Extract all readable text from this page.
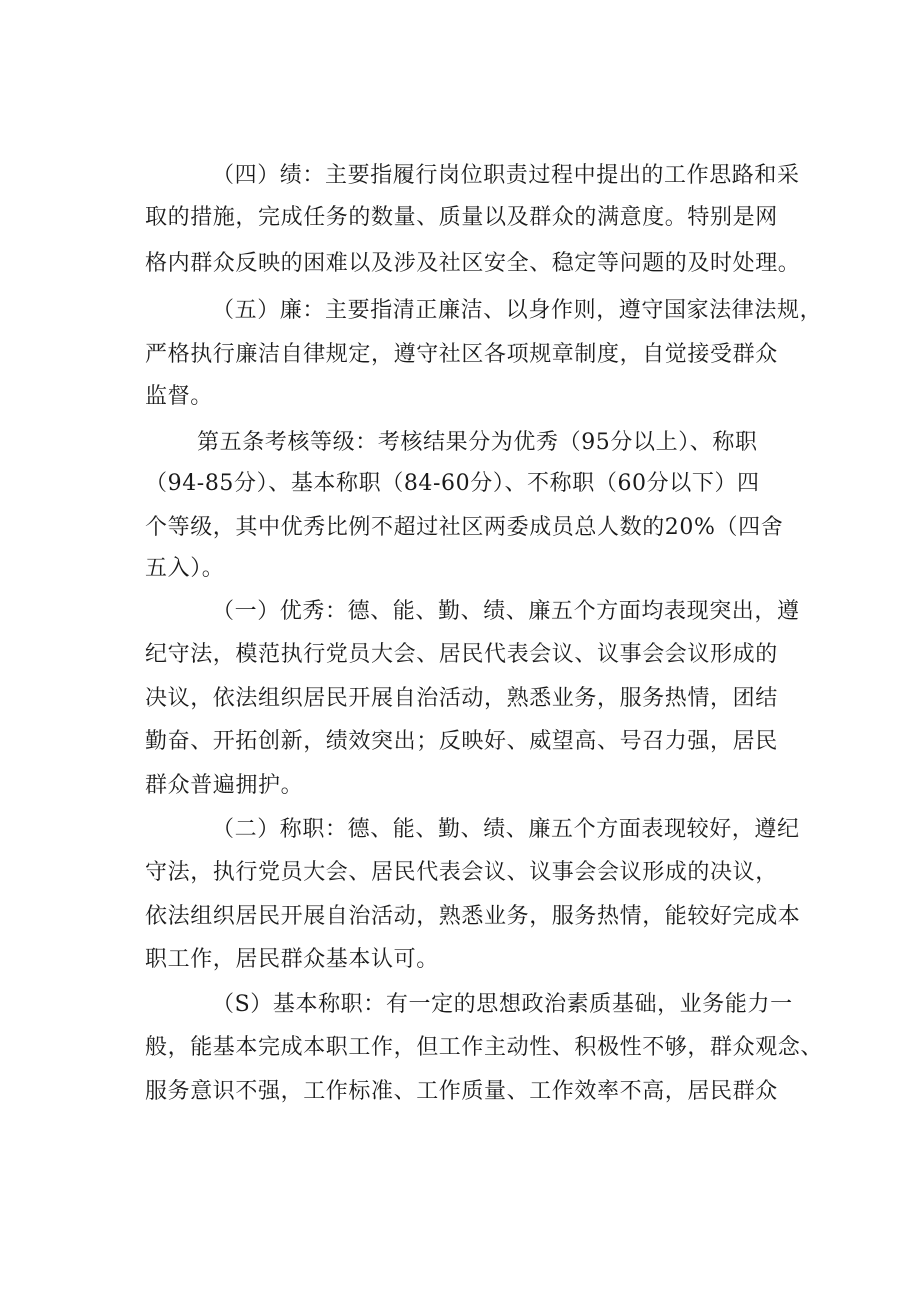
（四）绩：主要指履行岗位职责过程中提出的工作思路和采
取的措施，完成任务的数量、质量以及群众的满意度。特别是网
格内群众反映的困难以及涉及社区安全、稳定等问题的及时处理。
（五）廉：主要指清正廉洁、以身作则，遵守国家法律法规，
严格执行廉洁自律规定，遵守社区各项规章制度，自觉接受群众
监督。
第五条考核等级：考核结果分为优秀（95分以上）、称职
（94-85分）、基本称职（84-60分）、不称职（60分以下）四
个等级，其中优秀比例不超过社区两委成员总人数的20%（四舍
五入）。
（一）优秀：德、能、勤、绩、廉五个方面均表现突出，遵
纪守法，模范执行党员大会、居民代表会议、议事会会议形成的
决议，依法组织居民开展自治活动，熟悉业务，服务热情，团结
勤奋、开拓创新，绩效突出；反映好、威望高、号召力强，居民
群众普遍拥护。
（二）称职：德、能、勤、绩、廉五个方面表现较好，遵纪
守法，执行党员大会、居民代表会议、议事会会议形成的决议，
依法组织居民开展自治活动，熟悉业务，服务热情，能较好完成本
职工作，居民群众基本认可。
（S）基本称职：有一定的思想政治素质基础，业务能力一
般，能基本完成本职工作，但工作主动性、积极性不够，群众观念、
服务意识不强，工作标准、工作质量、工作效率不高，居民群众
